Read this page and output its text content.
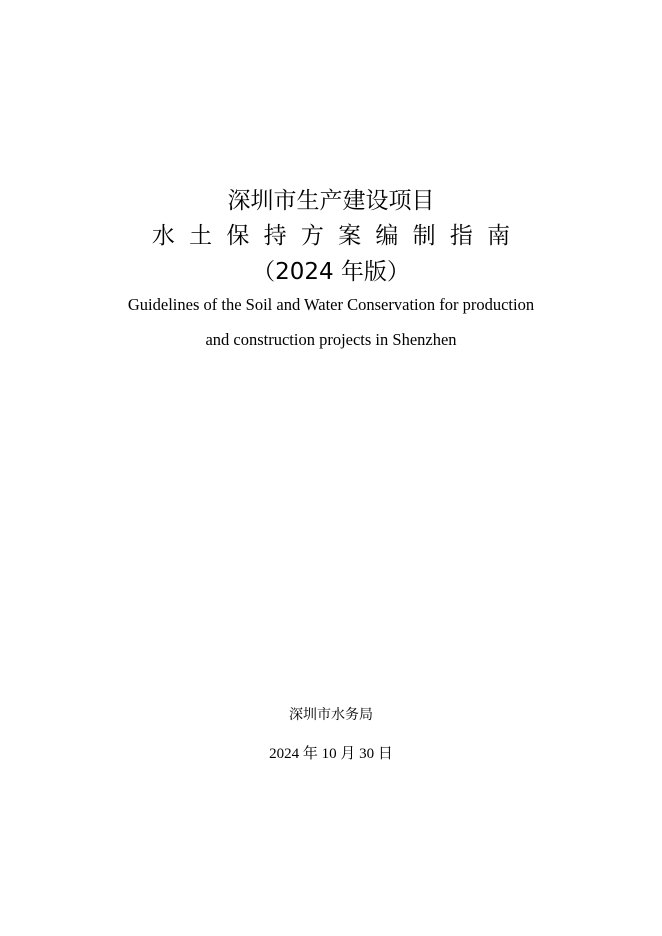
深圳市生产建设项目
水土保持方案编制指南
（2024 年版）
Guidelines of the Soil and Water Conservation for production
and construction projects in Shenzhen
深圳市水务局
2024 年 10 月 30 日
